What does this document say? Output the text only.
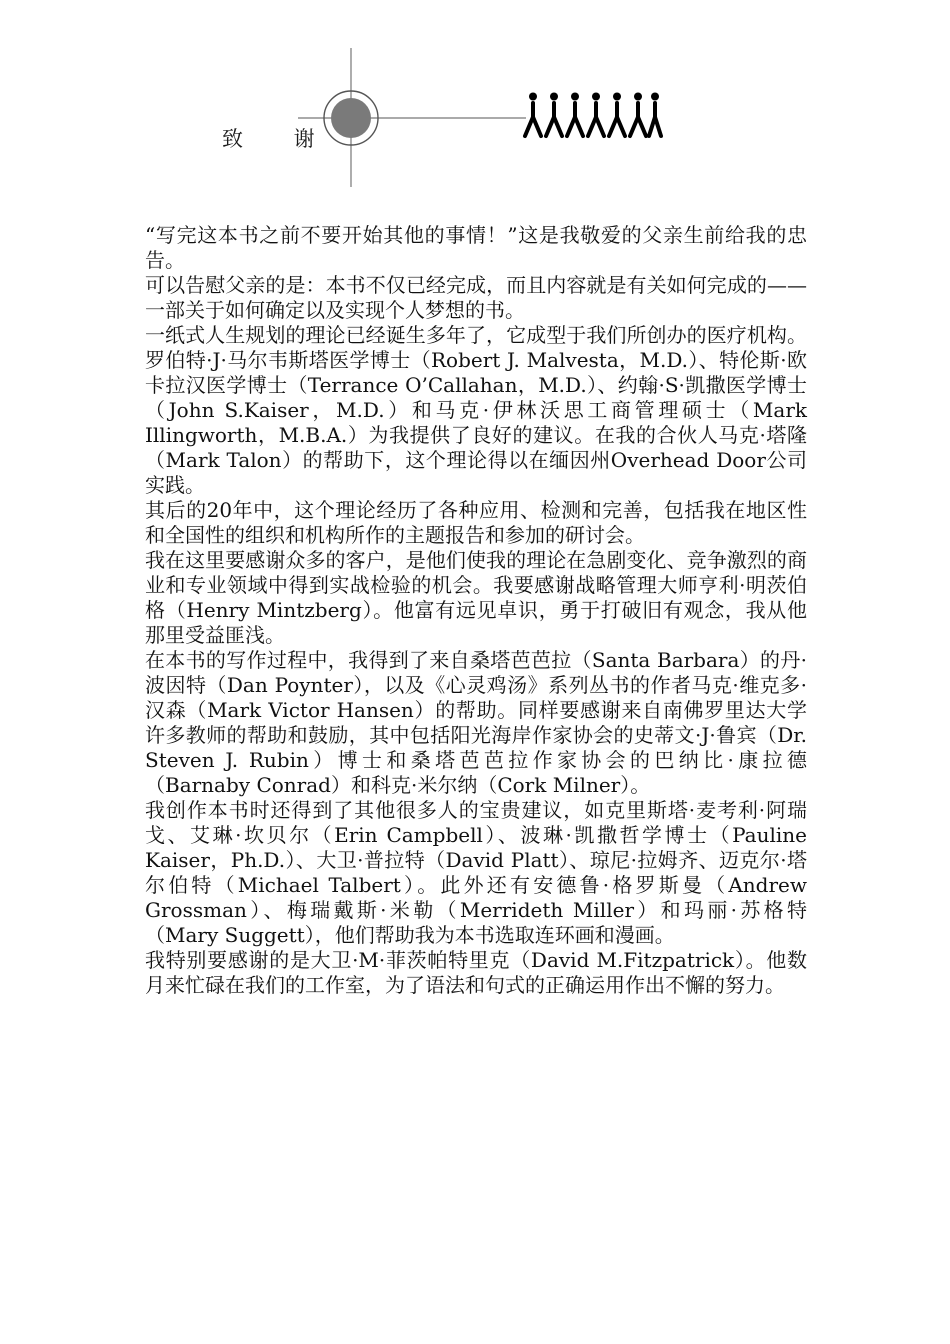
致 谢

“写完这本书之前不要开始其他的事情！”这是我敬爱的父亲生前给我的忠告。

可以告慰父亲的是：本书不仅已经完成，而且内容就是有关如何完成的——一部关于如何确定以及实现个人梦想的书。

一纸式人生规划的理论已经诞生多年了，它成型于我们所创办的医疗机构。罗伯特·J·马尔韦斯塔医学博士（Robert J. Malvesta，M.D.）、特伦斯·欧卡拉汉医学博士（Terrance O’Callahan，M.D.）、约翰·S·凯撒医学博士（John S.Kaiser，M.D.）和马克·伊林沃思工商管理硕士（Mark Illingworth，M.B.A.）为我提供了良好的建议。在我的合伙人马克·塔隆（Mark Talon）的帮助下，这个理论得以在缅因州Overhead Door公司实践。

其后的20年中，这个理论经历了各种应用、检测和完善，包括我在地区性和全国性的组织和机构所作的主题报告和参加的研讨会。

我在这里要感谢众多的客户，是他们使我的理论在急剧变化、竞争激烈的商业和专业领域中得到实战检验的机会。我要感谢战略管理大师亨利·明茨伯格（Henry Mintzberg）。他富有远见卓识，勇于打破旧有观念，我从他那里受益匪浅。

在本书的写作过程中，我得到了来自桑塔芭芭拉（Santa Barbara）的丹·波因特（Dan Poynter），以及《心灵鸡汤》系列丛书的作者马克·维克多·汉森（Mark Victor Hansen）的帮助。同样要感谢来自南佛罗里达大学许多教师的帮助和鼓励，其中包括阳光海岸作家协会的史蒂文·J·鲁宾（Dr. Steven J. Rubin）博士和桑塔芭芭拉作家协会的巴纳比·康拉德（Barnaby Conrad）和科克·米尔纳（Cork Milner）。

我创作本书时还得到了其他很多人的宝贵建议，如克里斯塔·麦考利·阿瑞戈、艾琳·坎贝尔（Erin Campbell）、波琳·凯撒哲学博士（Pauline Kaiser，Ph.D.）、大卫·普拉特（David Platt）、琼尼·拉姆齐、迈克尔·塔尔伯特（Michael Talbert）。此外还有安德鲁·格罗斯曼（Andrew Grossman）、梅瑞戴斯·米勒（Merrideth Miller）和玛丽·苏格特（Mary Suggett），他们帮助我为本书选取连环画和漫画。

我特别要感谢的是大卫·M·菲茨帕特里克（David M.Fitzpatrick）。他数月来忙碌在我们的工作室，为了语法和句式的正确运用作出不懈的努力。
